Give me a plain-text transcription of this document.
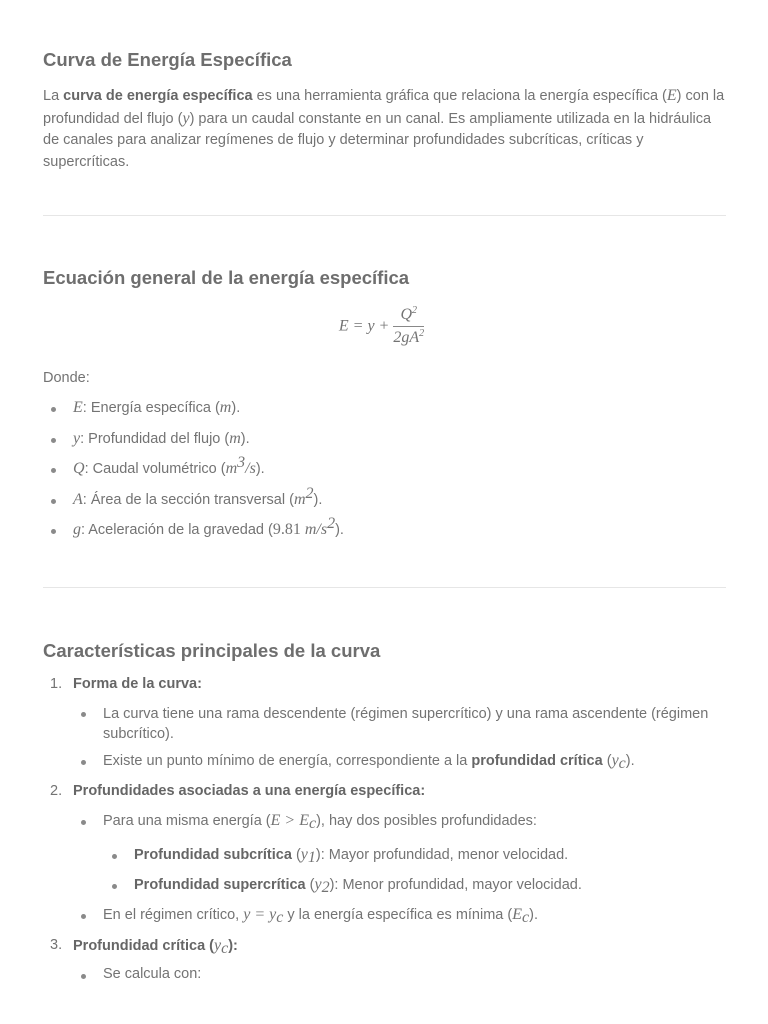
Curva de Energía Específica

La curva de energía específica es una herramienta gráfica que relaciona la energía específica (E) con la profundidad del flujo (y) para un caudal constante en un canal. Es ampliamente utilizada en la hidráulica de canales para analizar regímenes de flujo y determinar profundidades subcríticas, críticas y supercríticas.

Ecuación general de la energía específica
$E = y + \frac{Q^2}{2gA^2}$
Donde:
E: Energía específica (m).
y: Profundidad del flujo (m).
Q: Caudal volumétrico $(m^3/s)$.
A: Área de la sección transversal $(m^2)$.
g: Aceleración de la gravedad (9.81 $m/s^2$).
Características principales de la curva
1. Forma de la curva:
La curva tiene una rama descendente (régimen supercrítico) y una rama ascendente (régimen subcrítico).
Existe un punto mínimo de energía, correspondiente a la profundidad crítica $(y_c)$.
2. Profundidades asociadas a una energía específica:
Para una misma energía $(E > E_c)$, hay dos posibles profundidades:
Profundidad subcrítica $(y_1)$: Mayor profundidad, menor velocidad.
Profundidad supercrítica $(y_2)$: Menor profundidad, mayor velocidad.
En el régimen crítico, $y = y_c$ y la energía específica es mínima $(E_c)$.
3. Profundidad crítica $(y_c)$:
Se calcula con:
